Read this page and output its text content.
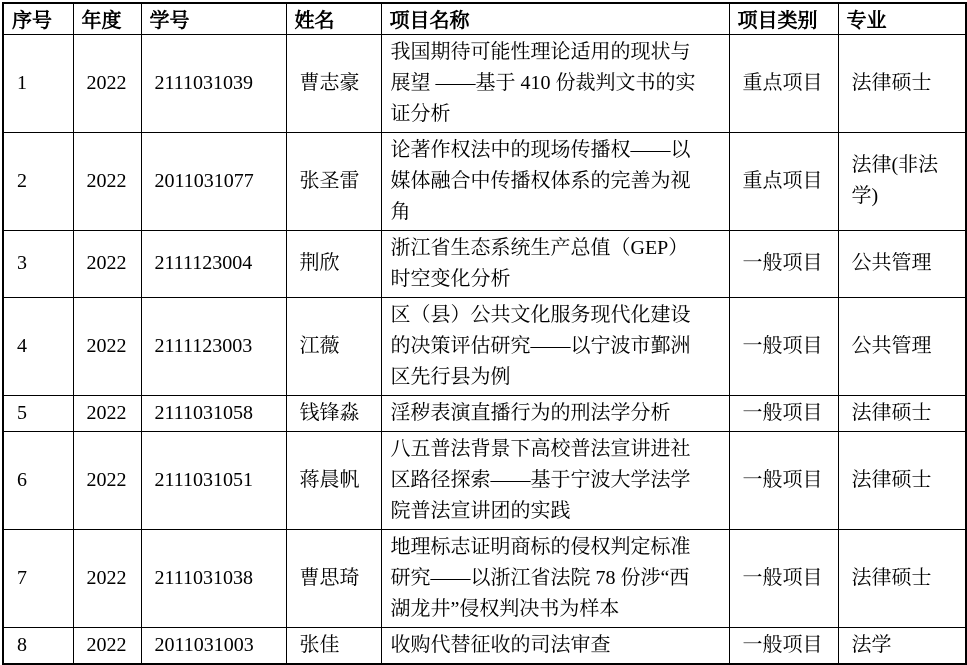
序号	年度	学号	姓名	项目名称	项目类别	专业
1	2022	2111031039	曹志豪	我国期待可能性理论适用的现状与展望 ——基于 410 份裁判文书的实证分析	重点项目	法律硕士
2	2022	2011031077	张圣雷	论著作权法中的现场传播权——以媒体融合中传播权体系的完善为视角	重点项目	法律(非法学)
3	2022	2111123004	荆欣	浙江省生态系统生产总值（GEP）时空变化分析	一般项目	公共管理
4	2022	2111123003	江薇	区（县）公共文化服务现代化建设的决策评估研究——以宁波市鄞洲区先行县为例	一般项目	公共管理
5	2022	2111031058	钱锋淼	淫秽表演直播行为的刑法学分析	一般项目	法律硕士
6	2022	2111031051	蒋晨帆	八五普法背景下高校普法宣讲进社区路径探索——基于宁波大学法学院普法宣讲团的实践	一般项目	法律硕士
7	2022	2111031038	曹思琦	地理标志证明商标的侵权判定标准研究——以浙江省法院 78 份涉“西湖龙井”侵权判决书为样本	一般项目	法律硕士
8	2022	2011031003	张佳	收购代替征收的司法审查	一般项目	法学
